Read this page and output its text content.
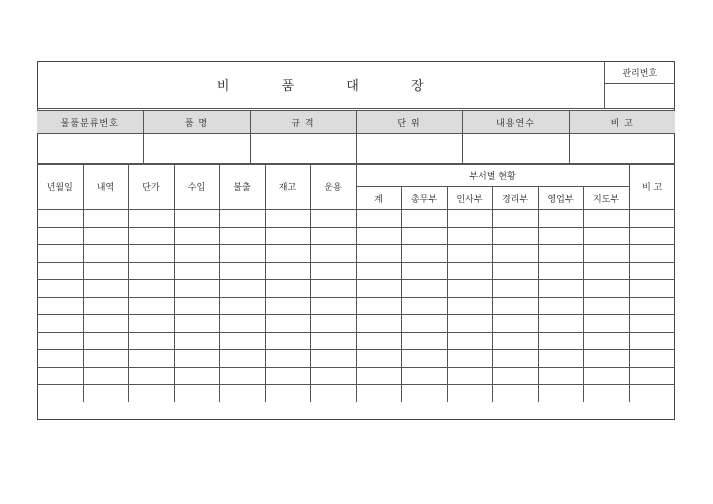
비 품 대 장	관리번호

물품분류번호	품 명	규 격	단 위	내용연수	비 고

년월일	내역	단가	수입	불출	재고	운용	부서별 현황						비 고
							계	총무부	인사부	경리부	영업부	지도부	
